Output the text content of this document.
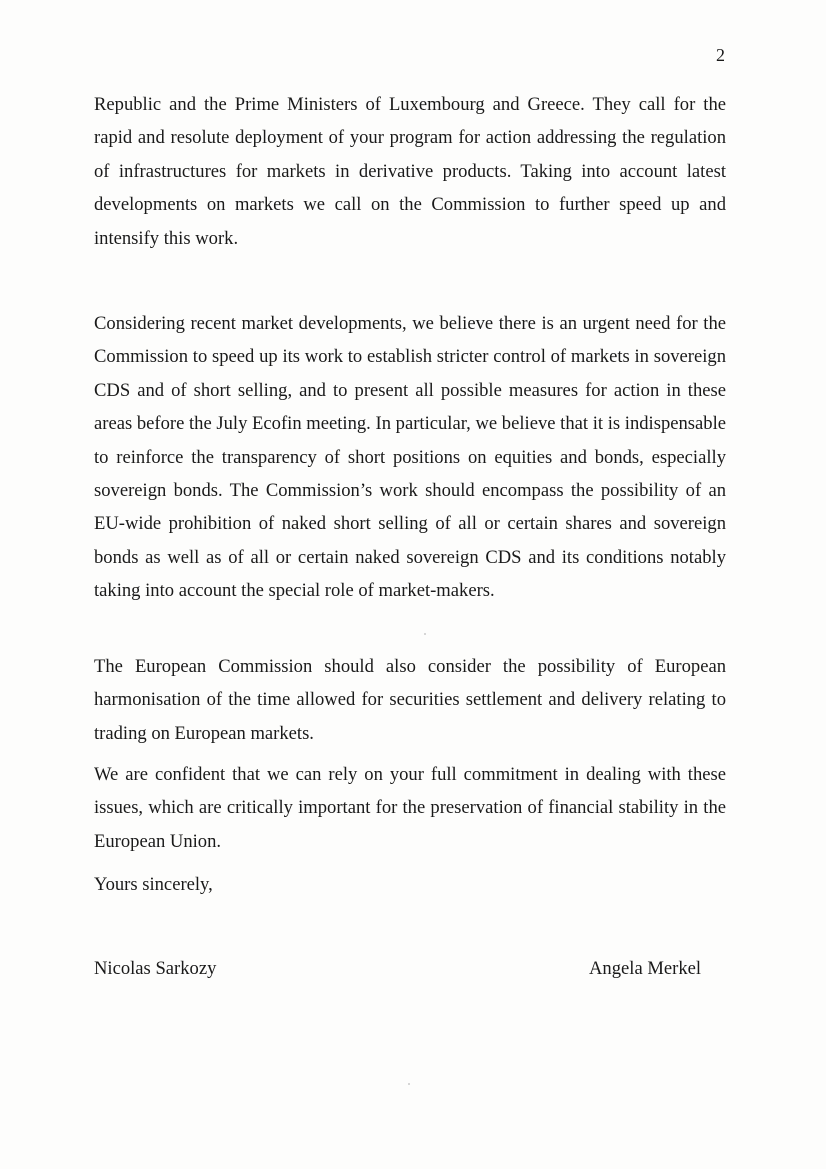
2

Republic and the Prime Ministers of Luxembourg and Greece. They call for the rapid and resolute deployment of your program for action addressing the regulation of infrastructures for markets in derivative products. Taking into account latest developments on markets we call on the Commission to further speed up and intensify this work.

Considering recent market developments, we believe there is an urgent need for the Commission to speed up its work to establish stricter control of markets in sovereign CDS and of short selling, and to present all possible measures for action in these areas before the July Ecofin meeting. In particular, we believe that it is indispensable to reinforce the transparency of short positions on equities and bonds, especially sovereign bonds. The Commission’s work should encompass the possibility of an EU-wide prohibition of naked short selling of all or certain shares and sovereign bonds as well as of all or certain naked sovereign CDS and its conditions notably taking into account the special role of market-makers.

The European Commission should also consider the possibility of European harmonisation of the time allowed for securities settlement and delivery relating to trading on European markets.

We are confident that we can rely on your full commitment in dealing with these issues, which are critically important for the preservation of financial stability in the European Union.

Yours sincerely,
Nicolas Sarkozy	Angela Merkel
